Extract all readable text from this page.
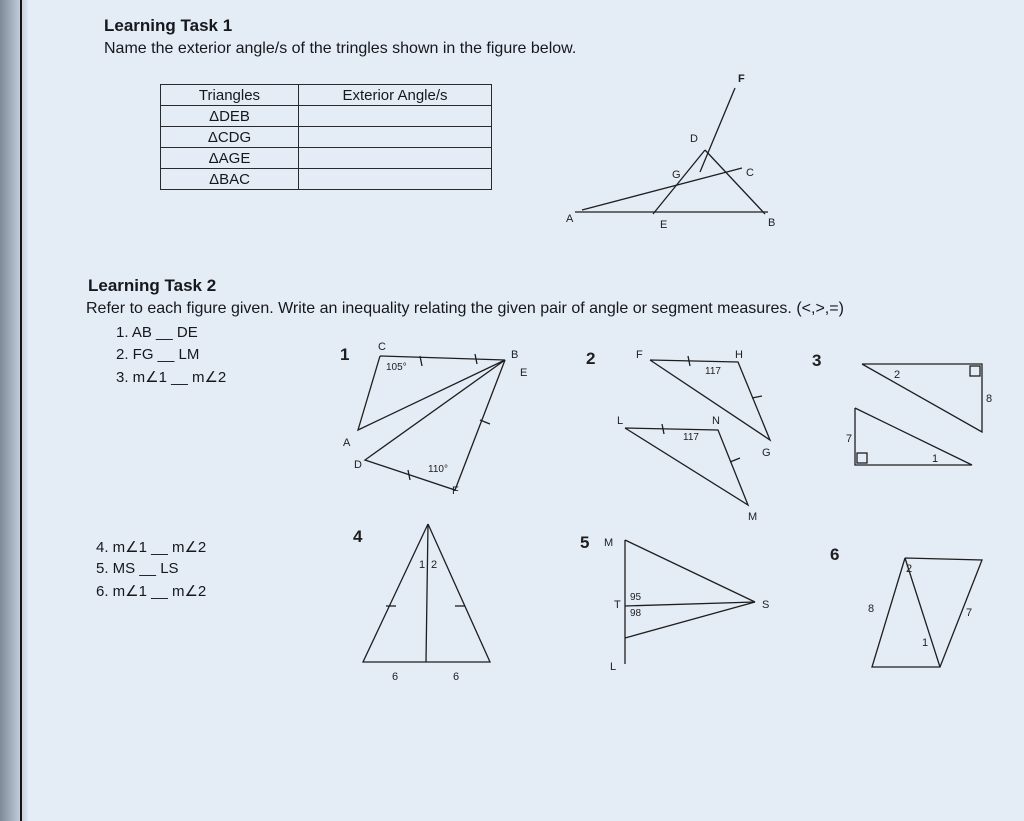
Learning Task 1
Name the exterior angle/s of the tringles shown in the figure below.
Triangles	Exterior Angle/s
ΔDEB	
ΔCDG	
ΔAGE	
ΔBAC	
Learning Task 2
Refer to each figure given. Write an inequality relating the given pair of angle or segment measures. (<,>,=)
1. AB __ DE
2. FG __ LM
3. m∠1 __ m∠2
4. m∠1 __ m∠2
5. MS __ LS
6. m∠1 __ m∠2
F
D
G	C
A	E	B
1	C
B
E
A
D
F
105°
110°
2	F	H
L	N
G
M
117
117
3
2
8
7
1
4
1 2
6	6
5 M
T	S
L
95
98
6
2
8	7
1
